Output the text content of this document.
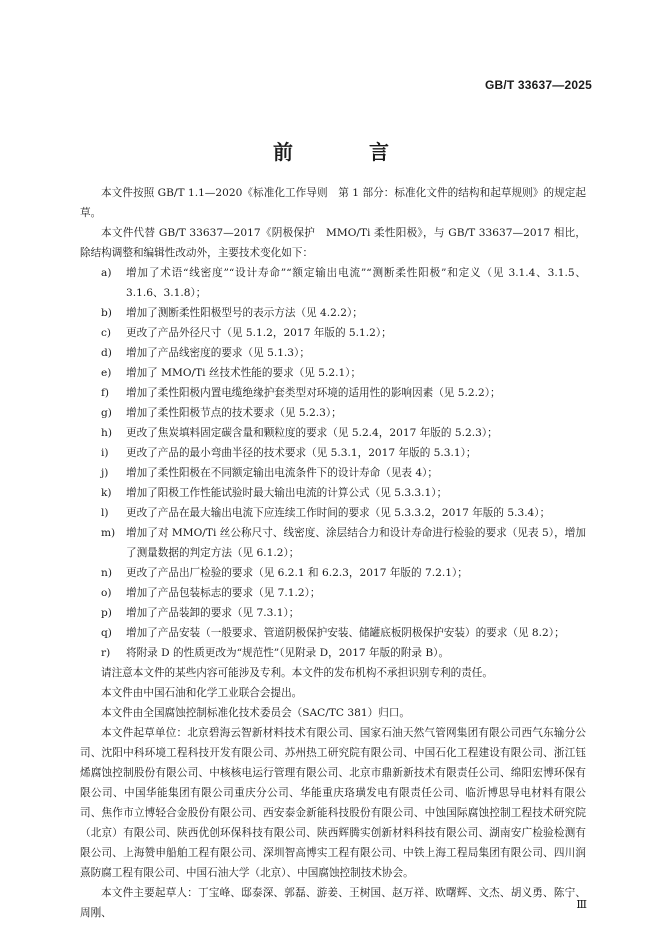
GB/T 33637—2025
前　言

本文件按照 GB/T 1.1—2020《标准化工作导则　第 1 部分：标准化文件的结构和起草规则》的规定起草。

本文件代替 GB/T 33637—2017《阴极保护　MMO/Ti 柔性阳极》，与 GB/T 33637—2017 相比，除结构调整和编辑性改动外，主要技术变化如下：

a)	增加了术语“线密度”“设计寿命”“额定输出电流”“测断柔性阳极”和定义（见 3.1.4、3.1.5、3.1.6、3.1.8）；
b)	增加了测断柔性阳极型号的表示方法（见 4.2.2）；
c)	更改了产品外径尺寸（见 5.1.2，2017 年版的 5.1.2）；
d)	增加了产品线密度的要求（见 5.1.3）；
e)	增加了 MMO/Ti 丝技术性能的要求（见 5.2.1）；
f)	增加了柔性阳极内置电缆绝缘护套类型对环境的适用性的影响因素（见 5.2.2）；
g)	增加了柔性阳极节点的技术要求（见 5.2.3）；
h)	更改了焦炭填料固定碳含量和颗粒度的要求（见 5.2.4，2017 年版的 5.2.3）；
i)	更改了产品的最小弯曲半径的技术要求（见 5.3.1，2017 年版的 5.3.1）；
j)	增加了柔性阳极在不同额定输出电流条件下的设计寿命（见表 4）；
k)	增加了阳极工作性能试验时最大输出电流的计算公式（见 5.3.3.1）；
l)	更改了产品在最大输出电流下应连续工作时间的要求（见 5.3.3.2，2017 年版的 5.3.4）；
m)	增加了对 MMO/Ti 丝公称尺寸、线密度、涂层结合力和设计寿命进行检验的要求（见表 5），增加了测量数据的判定方法（见 6.1.2）；
n)	更改了产品出厂检验的要求（见 6.2.1 和 6.2.3，2017 年版的 7.2.1）；
o)	增加了产品包装标志的要求（见 7.1.2）；
p)	增加了产品装卸的要求（见 7.3.1）；
q)	增加了产品安装（一般要求、管道阴极保护安装、储罐底板阴极保护安装）的要求（见 8.2）；
r)	将附录 D 的性质更改为“规范性”（见附录 D，2017 年版的附录 B）。

请注意本文件的某些内容可能涉及专利。本文件的发布机构不承担识别专利的责任。

本文件由中国石油和化学工业联合会提出。

本文件由全国腐蚀控制标准化技术委员会（SAC/TC 381）归口。

本文件起草单位：北京碧海云智新材料技术有限公司、国家石油天然气管网集团有限公司西气东输分公司、沈阳中科环境工程科技开发有限公司、苏州热工研究院有限公司、中国石化工程建设有限公司、浙江钰烯腐蚀控制股份有限公司、中核核电运行管理有限公司、北京市鼎新新技术有限责任公司、绵阳宏博环保有限公司、中国华能集团有限公司重庆分公司、华能重庆珞璜发电有限责任公司、临沂博思导电材料有限公司、焦作市立博轻合金股份有限公司、西安泰金新能科技股份有限公司、中蚀国际腐蚀控制工程技术研究院（北京）有限公司、陕西优创环保科技有限公司、陕西辉腾实创新材料科技有限公司、湖南安广检验检测有限公司、上海赞申船舶工程有限公司、深圳智高博实工程有限公司、中铁上海工程局集团有限公司、四川润熹防腐工程有限公司、中国石油大学（北京）、中国腐蚀控制技术协会。

本文件主要起草人：丁宝峰、邸泰深、郭磊、游姜、王树国、赵万祥、欧曙辉、文杰、胡义勇、陈宁、周刚、

Ⅲ
